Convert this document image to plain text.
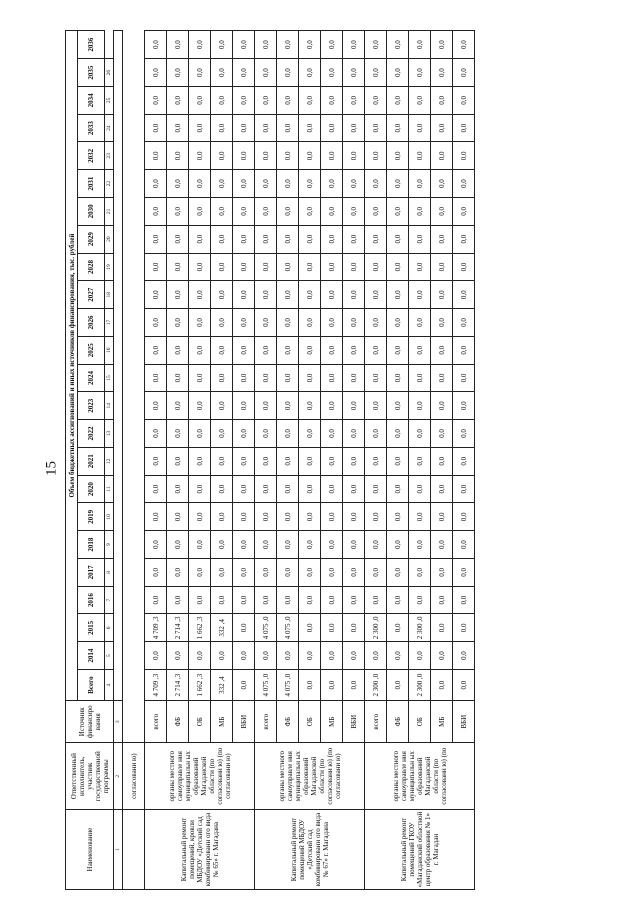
15
Наименование	Ответственный исполнитель, участник государственной программы	Источник финансиро вания	Объем бюджетных ассигнований и иных источников финансирования, тыс. рублей																							
			Всего	2014	2015	2016	2017	2018	2019	2020	2021	2022	2023	2024	2025	2026	2027	2028	2029	2030	2031	2032	2033	2034	2035	2036
			4	5	6	7	8	9	10	11	12	13	14	15	16	17	18	19	20	21	22	23	24	25	26	
1	2	3																								
	согласовани ю)																									
Капитальный ремонт помещений, кровли МБДОУ «Детский сад комбинированн ого вида № 65» г. Магадана	органы местного самоуправле ния муниципальн ых образований Магаданской области (по согласовани ю) (по согласовани ю)	всего	4 709 ,3	0,0	4 709 ,3	0,0	0,0	0,0	0,0	0,0	0,0	0,0	0,0	0,0	0,0	0,0	0,0	0,0	0,0	0,0	0,0	0,0	0,0	0,0	0,0	0,0
		ФБ	2 714 ,3	0,0	2 714 ,3	0,0	0,0	0,0	0,0	0,0	0,0	0,0	0,0	0,0	0,0	0,0	0,0	0,0	0,0	0,0	0,0	0,0	0,0	0,0	0,0	0,0
		ОБ	1 662 ,3	0,0	1 662 ,3	0,0	0,0	0,0	0,0	0,0	0,0	0,0	0,0	0,0	0,0	0,0	0,0	0,0	0,0	0,0	0,0	0,0	0,0	0,0	0,0	0,0
		МБ	332 ,4	0,0	332 ,4	0,0	0,0	0,0	0,0	0,0	0,0	0,0	0,0	0,0	0,0	0,0	0,0	0,0	0,0	0,0	0,0	0,0	0,0	0,0	0,0	0,0
		ВБИ	0,0	0,0	0,0	0,0	0,0	0,0	0,0	0,0	0,0	0,0	0,0	0,0	0,0	0,0	0,0	0,0	0,0	0,0	0,0	0,0	0,0	0,0	0,0	0,0
Капитальный ремонт помещений МБДОУ «Детский сад комбинированн ого вида № 67» г. Магадана	органы местного самоуправле ния муниципальн ых образований Магаданской области (по согласовани ю) (по согласовани ю)	всего	4 075 ,0	0,0	4 075 ,0	0,0	0,0	0,0	0,0	0,0	0,0	0,0	0,0	0,0	0,0	0,0	0,0	0,0	0,0	0,0	0,0	0,0	0,0	0,0	0,0	0,0
		ФБ	4 075 ,0	0,0	4 075 ,0	0,0	0,0	0,0	0,0	0,0	0,0	0,0	0,0	0,0	0,0	0,0	0,0	0,0	0,0	0,0	0,0	0,0	0,0	0,0	0,0	0,0
		ОБ	0,0	0,0	0,0	0,0	0,0	0,0	0,0	0,0	0,0	0,0	0,0	0,0	0,0	0,0	0,0	0,0	0,0	0,0	0,0	0,0	0,0	0,0	0,0	0,0
		МБ	0,0	0,0	0,0	0,0	0,0	0,0	0,0	0,0	0,0	0,0	0,0	0,0	0,0	0,0	0,0	0,0	0,0	0,0	0,0	0,0	0,0	0,0	0,0	0,0
		ВБИ	0,0	0,0	0,0	0,0	0,0	0,0	0,0	0,0	0,0	0,0	0,0	0,0	0,0	0,0	0,0	0,0	0,0	0,0	0,0	0,0	0,0	0,0	0,0	0,0
Капитальный ремонт помещений ГКОУ «Магаданский областной центр образования № 1» г. Магадан	органы местного самоуправле ния муниципальн ых образований Магаданской области (по согласовани ю) (по	всего	2 300 ,0	0,0	2 300 ,0	0,0	0,0	0,0	0,0	0,0	0,0	0,0	0,0	0,0	0,0	0,0	0,0	0,0	0,0	0,0	0,0	0,0	0,0	0,0	0,0	0,0
		ФБ	0,0	0,0	0,0	0,0	0,0	0,0	0,0	0,0	0,0	0,0	0,0	0,0	0,0	0,0	0,0	0,0	0,0	0,0	0,0	0,0	0,0	0,0	0,0	0,0
		ОБ	2 300 ,0	0,0	2 300 ,0	0,0	0,0	0,0	0,0	0,0	0,0	0,0	0,0	0,0	0,0	0,0	0,0	0,0	0,0	0,0	0,0	0,0	0,0	0,0	0,0	0,0
		МБ	0,0	0,0	0,0	0,0	0,0	0,0	0,0	0,0	0,0	0,0	0,0	0,0	0,0	0,0	0,0	0,0	0,0	0,0	0,0	0,0	0,0	0,0	0,0	0,0
		ВБИ	0,0	0,0	0,0	0,0	0,0	0,0	0,0	0,0	0,0	0,0	0,0	0,0	0,0	0,0	0,0	0,0	0,0	0,0	0,0	0,0	0,0	0,0	0,0	0,0
